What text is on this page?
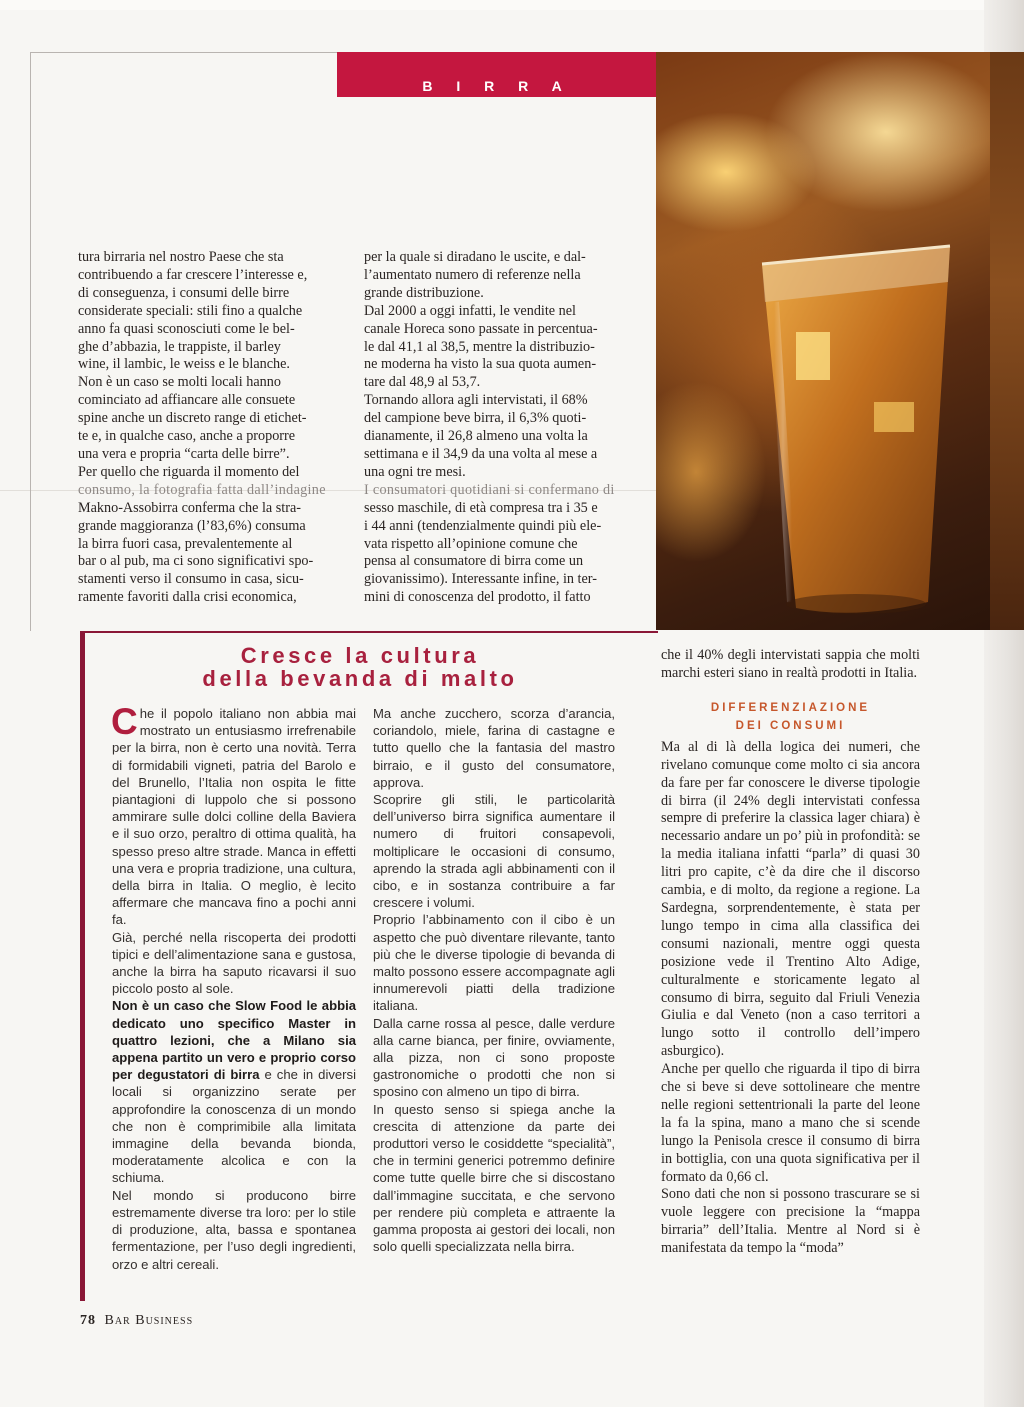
B I R R A

tura birraria nel nostro Paese che sta

contribuendo a far crescere l’interesse e,

di conseguenza, i consumi delle birre

considerate speciali: stili fino a qualche

anno fa quasi sconosciuti come le bel-

ghe d’abbazia, le trappiste, il barley

wine, il lambic, le weiss e le blanche.

Non è un caso se molti locali hanno

cominciato ad affiancare alle consuete

spine anche un discreto range di etichet-

te e, in qualche caso, anche a proporre

una vera e propria “carta delle birre”.

Per quello che riguarda il momento del

consumo, la fotografia fatta dall’indagine

Makno-Assobirra conferma che la stra-

grande maggioranza (l’83,6%) consuma

la birra fuori casa, prevalentemente al

bar o al pub, ma ci sono significativi spo-

stamenti verso il consumo in casa, sicu-

ramente favoriti dalla crisi economica,

per la quale si diradano le uscite, e dal-

l’aumentato numero di referenze nella

grande distribuzione.

Dal 2000 a oggi infatti, le vendite nel

canale Horeca sono passate in percentua-

le dal 41,1 al 38,5, mentre la distribuzio-

ne moderna ha visto la sua quota aumen-

tare dal 48,9 al 53,7.

Tornando allora agli intervistati, il 68%

del campione beve birra, il 6,3% quoti-

dianamente, il 26,8 almeno una volta la

settimana e il 34,9 da una volta al mese a

una ogni tre mesi.

I consumatori quotidiani si confermano di

sesso maschile, di età compresa tra i 35 e

i 44 anni (tendenzialmente quindi più ele-

vata rispetto all’opinione comune che

pensa al consumatore di birra come un

giovanissimo). Interessante infine, in ter-

mini di conoscenza del prodotto, il fatto

Cresce la cultura
della bevanda di malto

Che il popolo italiano non abbia mai mostrato un entusiasmo irrefrenabile per la birra, non è certo una novità. Terra di formidabili vigneti, patria del Barolo e del Brunello, l’Italia non ospita le fitte piantagioni di luppolo che si possono ammirare sulle dolci colline della Baviera e il suo orzo, peraltro di ottima qualità, ha spesso preso altre strade. Manca in effetti una vera e propria tradizione, una cultura, della birra in Italia. O meglio, è lecito affermare che mancava fino a pochi anni fa.

Già, perché nella riscoperta dei prodotti tipici e dell’alimentazione sana e gustosa, anche la birra ha saputo ricavarsi il suo piccolo posto al sole.

Non è un caso che Slow Food le abbia dedicato uno specifico Master in quattro lezioni, che a Milano sia appena partito un vero e proprio corso per degustatori di birra e che in diversi locali si organizzino serate per approfondire la conoscenza di un mondo che non è comprimibile alla limitata immagine della bevanda bionda, moderatamente alcolica e con la schiuma.

Nel mondo si producono birre estremamente diverse tra loro: per lo stile di produzione, alta, bassa e spontanea fermentazione, per l’uso degli ingredienti, orzo e altri cereali.

Ma anche zucchero, scorza d’arancia, coriandolo, miele, farina di castagne e tutto quello che la fantasia del mastro birraio, e il gusto del consumatore, approva.

Scoprire gli stili, le particolarità dell’universo birra significa aumentare il numero di fruitori consapevoli, moltiplicare le occasioni di consumo, aprendo la strada agli abbinamenti con il cibo, e in sostanza contribuire a far crescere i volumi.

Proprio l’abbinamento con il cibo è un aspetto che può diventare rilevante, tanto più che le diverse tipologie di bevanda di malto possono essere accompagnate agli innumerevoli piatti della tradizione italiana.

Dalla carne rossa al pesce, dalle verdure alla carne bianca, per finire, ovviamente, alla pizza, non ci sono proposte gastronomiche o prodotti che non si sposino con almeno un tipo di birra.

In questo senso si spiega anche la crescita di attenzione da parte dei produttori verso le cosiddette “specialità”, che in termini generici potremmo definire come tutte quelle birre che si discostano dall’immagine succitata, e che servono per rendere più completa e attraente la gamma proposta ai gestori dei locali, non solo quelli specializzata nella birra.

che il 40% degli intervistati sappia che molti marchi esteri siano in realtà prodotti in Italia.

DIFFERENZIAZIONE
DEI CONSUMI

Ma al di là della logica dei numeri, che rivelano comunque come molto ci sia ancora da fare per far conoscere le diverse tipologie di birra (il 24% degli intervistati confessa sempre di preferire la classica lager chiara) è necessario andare un po’ più in profondità: se la media italiana infatti “parla” di quasi 30 litri pro capite, c’è da dire che il discorso cambia, e di molto, da regione a regione. La Sardegna, sorprendentemente, è stata per lungo tempo in cima alla classifica dei consumi nazionali, mentre oggi questa posizione vede il Trentino Alto Adige, culturalmente e storicamente legato al consumo di birra, seguito dal Friuli Venezia Giulia e dal Veneto (non a caso territori a lungo sotto il controllo dell’impero asburgico).

Anche per quello che riguarda il tipo di birra che si beve si deve sottolineare che mentre nelle regioni settentrionali la parte del leone la fa la spina, mano a mano che si scende lungo la Penisola cresce il consumo di birra in bottiglia, con una quota significativa per il formato da 0,66 cl.

Sono dati che non si possono trascurare se si vuole leggere con precisione la “mappa birraria” dell’Italia. Mentre al Nord si è manifestata da tempo la “moda”

78 Bar Business
